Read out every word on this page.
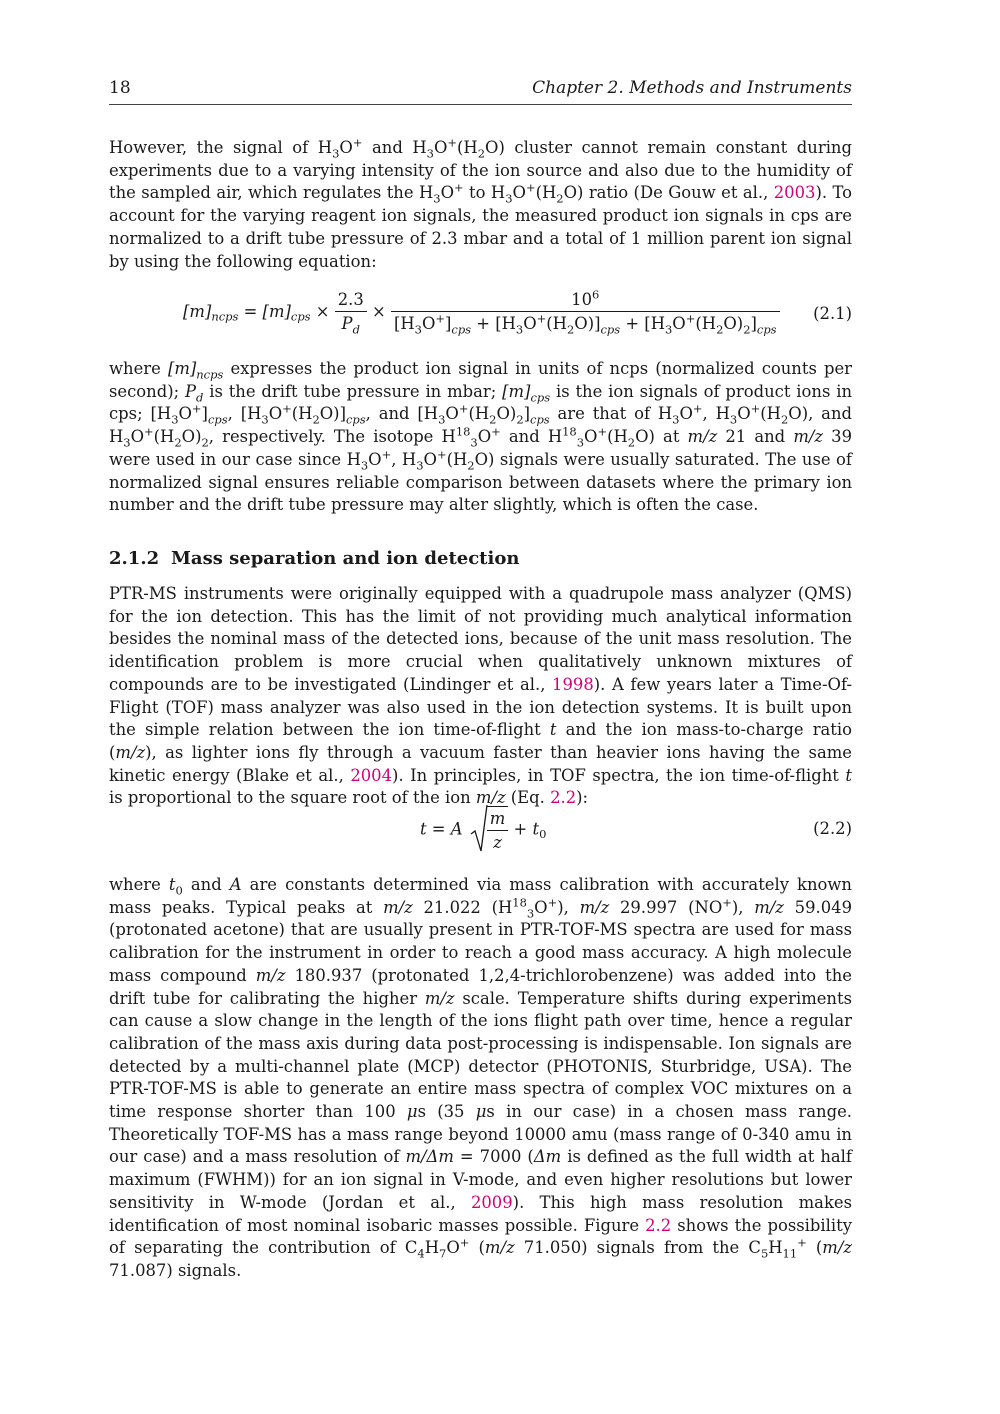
18	Chapter 2. Methods and Instruments

However, the signal of $H_3O^+$ and $H_3O^+(H_2O)$ cluster cannot remain constant during experiments due to a varying intensity of the ion source and also due to the humidity of the sampled air, which regulates the $H_3O^+$ to $H_3O^+(H_2O)$ ratio (De Gouw et al., 2003). To account for the varying reagent ion signals, the measured product ion signals in cps are normalized to a drift tube pressure of 2.3 mbar and a total of 1 million parent ion signal by using the following equation:

$[m]_{ncps} = [m]_{cps} \times \frac{2.3}{P_d} \times \frac{10^6}{[H_3O^+]_{cps} + [H_3O^+(H_2O)]_{cps} + [H_3O^+(H_2O)_2]_{cps}} (2.1)$

where $[m]_{ncps}$ expresses the product ion signal in units of ncps (normalized counts per second); $P_d$ is the drift tube pressure in mbar; $[m]_{cps}$ is the ion signals of product ions in cps; $[H_3O^+]_{cps}$, $[H_3O^+(H_2O)]_{cps}$, and $[H_3O^+(H_2O)_2]_{cps}$ are that of $H_3O^+$, $H_3O^+(H_2O)$, and $H_3O^+(H_2O)_2$, respectively. The isotope $H^{18}_3O^+$ and $H^{18}_3O^+(H_2O)$ at m/z 21 and m/z 39 were used in our case since $H_3O^+$, $H_3O^+(H_2O)$ signals were usually saturated. The use of normalized signal ensures reliable comparison between datasets where the primary ion number and the drift tube pressure may alter slightly, which is often the case.

2.1.2 Mass separation and ion detection

PTR-MS instruments were originally equipped with a quadrupole mass analyzer (QMS) for the ion detection. This has the limit of not providing much analytical information besides the nominal mass of the detected ions, because of the unit mass resolution. The identification problem is more crucial when qualitatively unknown mixtures of compounds are to be investigated (Lindinger et al., 1998). A few years later a Time-Of-Flight (TOF) mass analyzer was also used in the ion detection systems. It is built upon the simple relation between the ion time-of-flight t and the ion mass-to-charge ratio (m/z), as lighter ions fly through a vacuum faster than heavier ions having the same kinetic energy (Blake et al., 2004). In principles, in TOF spectra, the ion time-of-flight t is proportional to the square root of the ion m/z (Eq. 2.2):

t = A $\frac{m}{z} + t_0$	(2.2)

where $t_0$ and A are constants determined via mass calibration with accurately known mass peaks. Typical peaks at m/z 21.022 $(H^{18}_3O^+)$, m/z 29.997 (NO+), m/z 59.049 (protonated acetone) that are usually present in PTR-TOF-MS spectra are used for mass calibration for the instrument in order to reach a good mass accuracy. A high molecule mass compound m/z 180.937 (protonated 1,2,4-trichlorobenzene) was added into the drift tube for calibrating the higher m/z scale. Temperature shifts during experiments can cause a slow change in the length of the ions flight path over time, hence a regular calibration of the mass axis during data post-processing is indispensable. Ion signals are detected by a multi-channel plate (MCP) detector (PHOTONIS, Sturbridge, USA). The PTR-TOF-MS is able to generate an entire mass spectra of complex VOC mixtures on a time response shorter than 100 μs (35 μs in our case) in a chosen mass range. Theoretically TOF-MS has a mass range beyond 10000 amu (mass range of 0-340 amu in our case) and a mass resolution of m/Δm = 7000 (Δm is defined as the full width at half maximum (FWHM)) for an ion signal in V-mode, and even higher resolutions but lower sensitivity in W-mode (Jordan et al., 2009). This high mass resolution makes identification of most nominal isobaric masses possible. Figure 2.2 shows the possibility of separating the contribution of $C_4H_7O^+$ (m/z 71.050) signals from the $C_5H_{11}^+$ (m/z 71.087) signals.
